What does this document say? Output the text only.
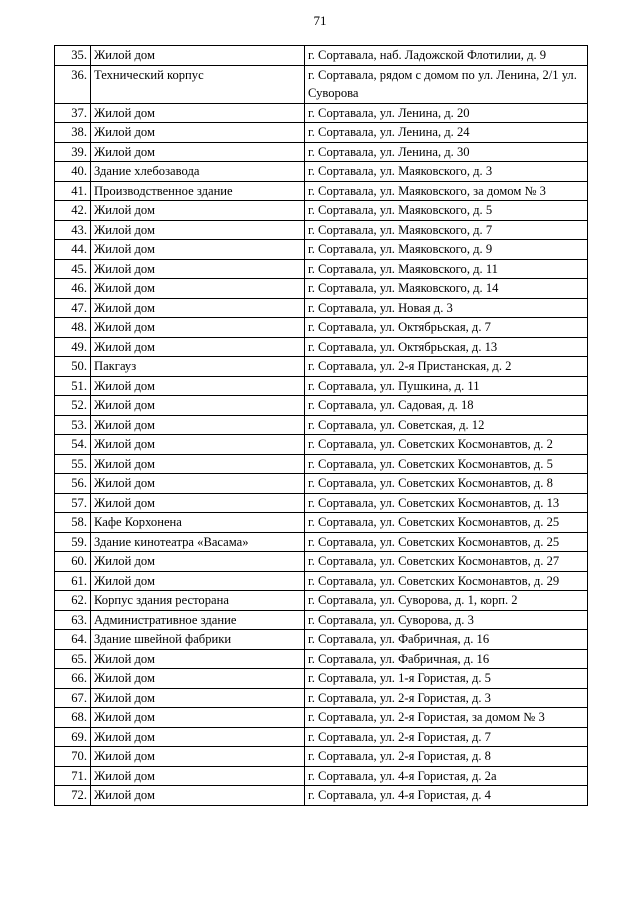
71
35.	Жилой дом	г. Сортавала, наб. Ладожской Флотилии, д. 9
36.	Технический корпус	г. Сортавала, рядом с домом по ул. Ленина, 2/1 ул. Суворова
37.	Жилой дом	г. Сортавала, ул. Ленина, д. 20
38.	Жилой дом	г. Сортавала, ул. Ленина, д. 24
39.	Жилой дом	г. Сортавала, ул. Ленина, д. 30
40.	Здание хлебозавода	г. Сортавала, ул. Маяковского, д. 3
41.	Производственное здание	г. Сортавала, ул. Маяковского, за домом № 3
42.	Жилой дом	г. Сортавала, ул. Маяковского, д. 5
43.	Жилой дом	г. Сортавала, ул. Маяковского, д. 7
44.	Жилой дом	г. Сортавала, ул. Маяковского, д. 9
45.	Жилой дом	г. Сортавала, ул. Маяковского, д. 11
46.	Жилой дом	г. Сортавала, ул. Маяковского, д. 14
47.	Жилой дом	г. Сортавала, ул. Новая д. 3
48.	Жилой дом	г. Сортавала, ул. Октябрьская, д. 7
49.	Жилой дом	г. Сортавала, ул. Октябрьская, д. 13
50.	Пакгауз	г. Сортавала, ул. 2-я Пристанская, д. 2
51.	Жилой дом	г. Сортавала, ул. Пушкина, д. 11
52.	Жилой дом	г. Сортавала, ул. Садовая, д. 18
53.	Жилой дом	г. Сортавала, ул. Советская, д. 12
54.	Жилой дом	г. Сортавала, ул. Советских Космонавтов, д. 2
55.	Жилой дом	г. Сортавала, ул. Советских Космонавтов, д. 5
56.	Жилой дом	г. Сортавала, ул. Советских Космонавтов, д. 8
57.	Жилой дом	г. Сортавала, ул. Советских Космонавтов, д. 13
58.	Кафе Корхонена	г. Сортавала, ул. Советских Космонавтов, д. 25
59.	Здание кинотеатра «Васама»	г. Сортавала, ул. Советских Космонавтов, д. 25
60.	Жилой дом	г. Сортавала, ул. Советских Космонавтов, д. 27
61.	Жилой дом	г. Сортавала, ул. Советских Космонавтов, д. 29
62.	Корпус здания ресторана	г. Сортавала, ул. Суворова, д. 1, корп. 2
63.	Административное здание	г. Сортавала, ул. Суворова, д. 3
64.	Здание швейной фабрики	г. Сортавала, ул. Фабричная, д. 16
65.	Жилой дом	г. Сортавала, ул. Фабричная, д. 16
66.	Жилой дом	г. Сортавала, ул. 1-я Гористая, д. 5
67.	Жилой дом	г. Сортавала, ул. 2-я Гористая, д. 3
68.	Жилой дом	г. Сортавала, ул. 2-я Гористая, за домом № 3
69.	Жилой дом	г. Сортавала, ул. 2-я Гористая, д. 7
70.	Жилой дом	г. Сортавала, ул. 2-я Гористая, д. 8
71.	Жилой дом	г. Сортавала, ул. 4-я Гористая, д. 2а
72.	Жилой дом	г. Сортавала, ул. 4-я Гористая, д. 4
